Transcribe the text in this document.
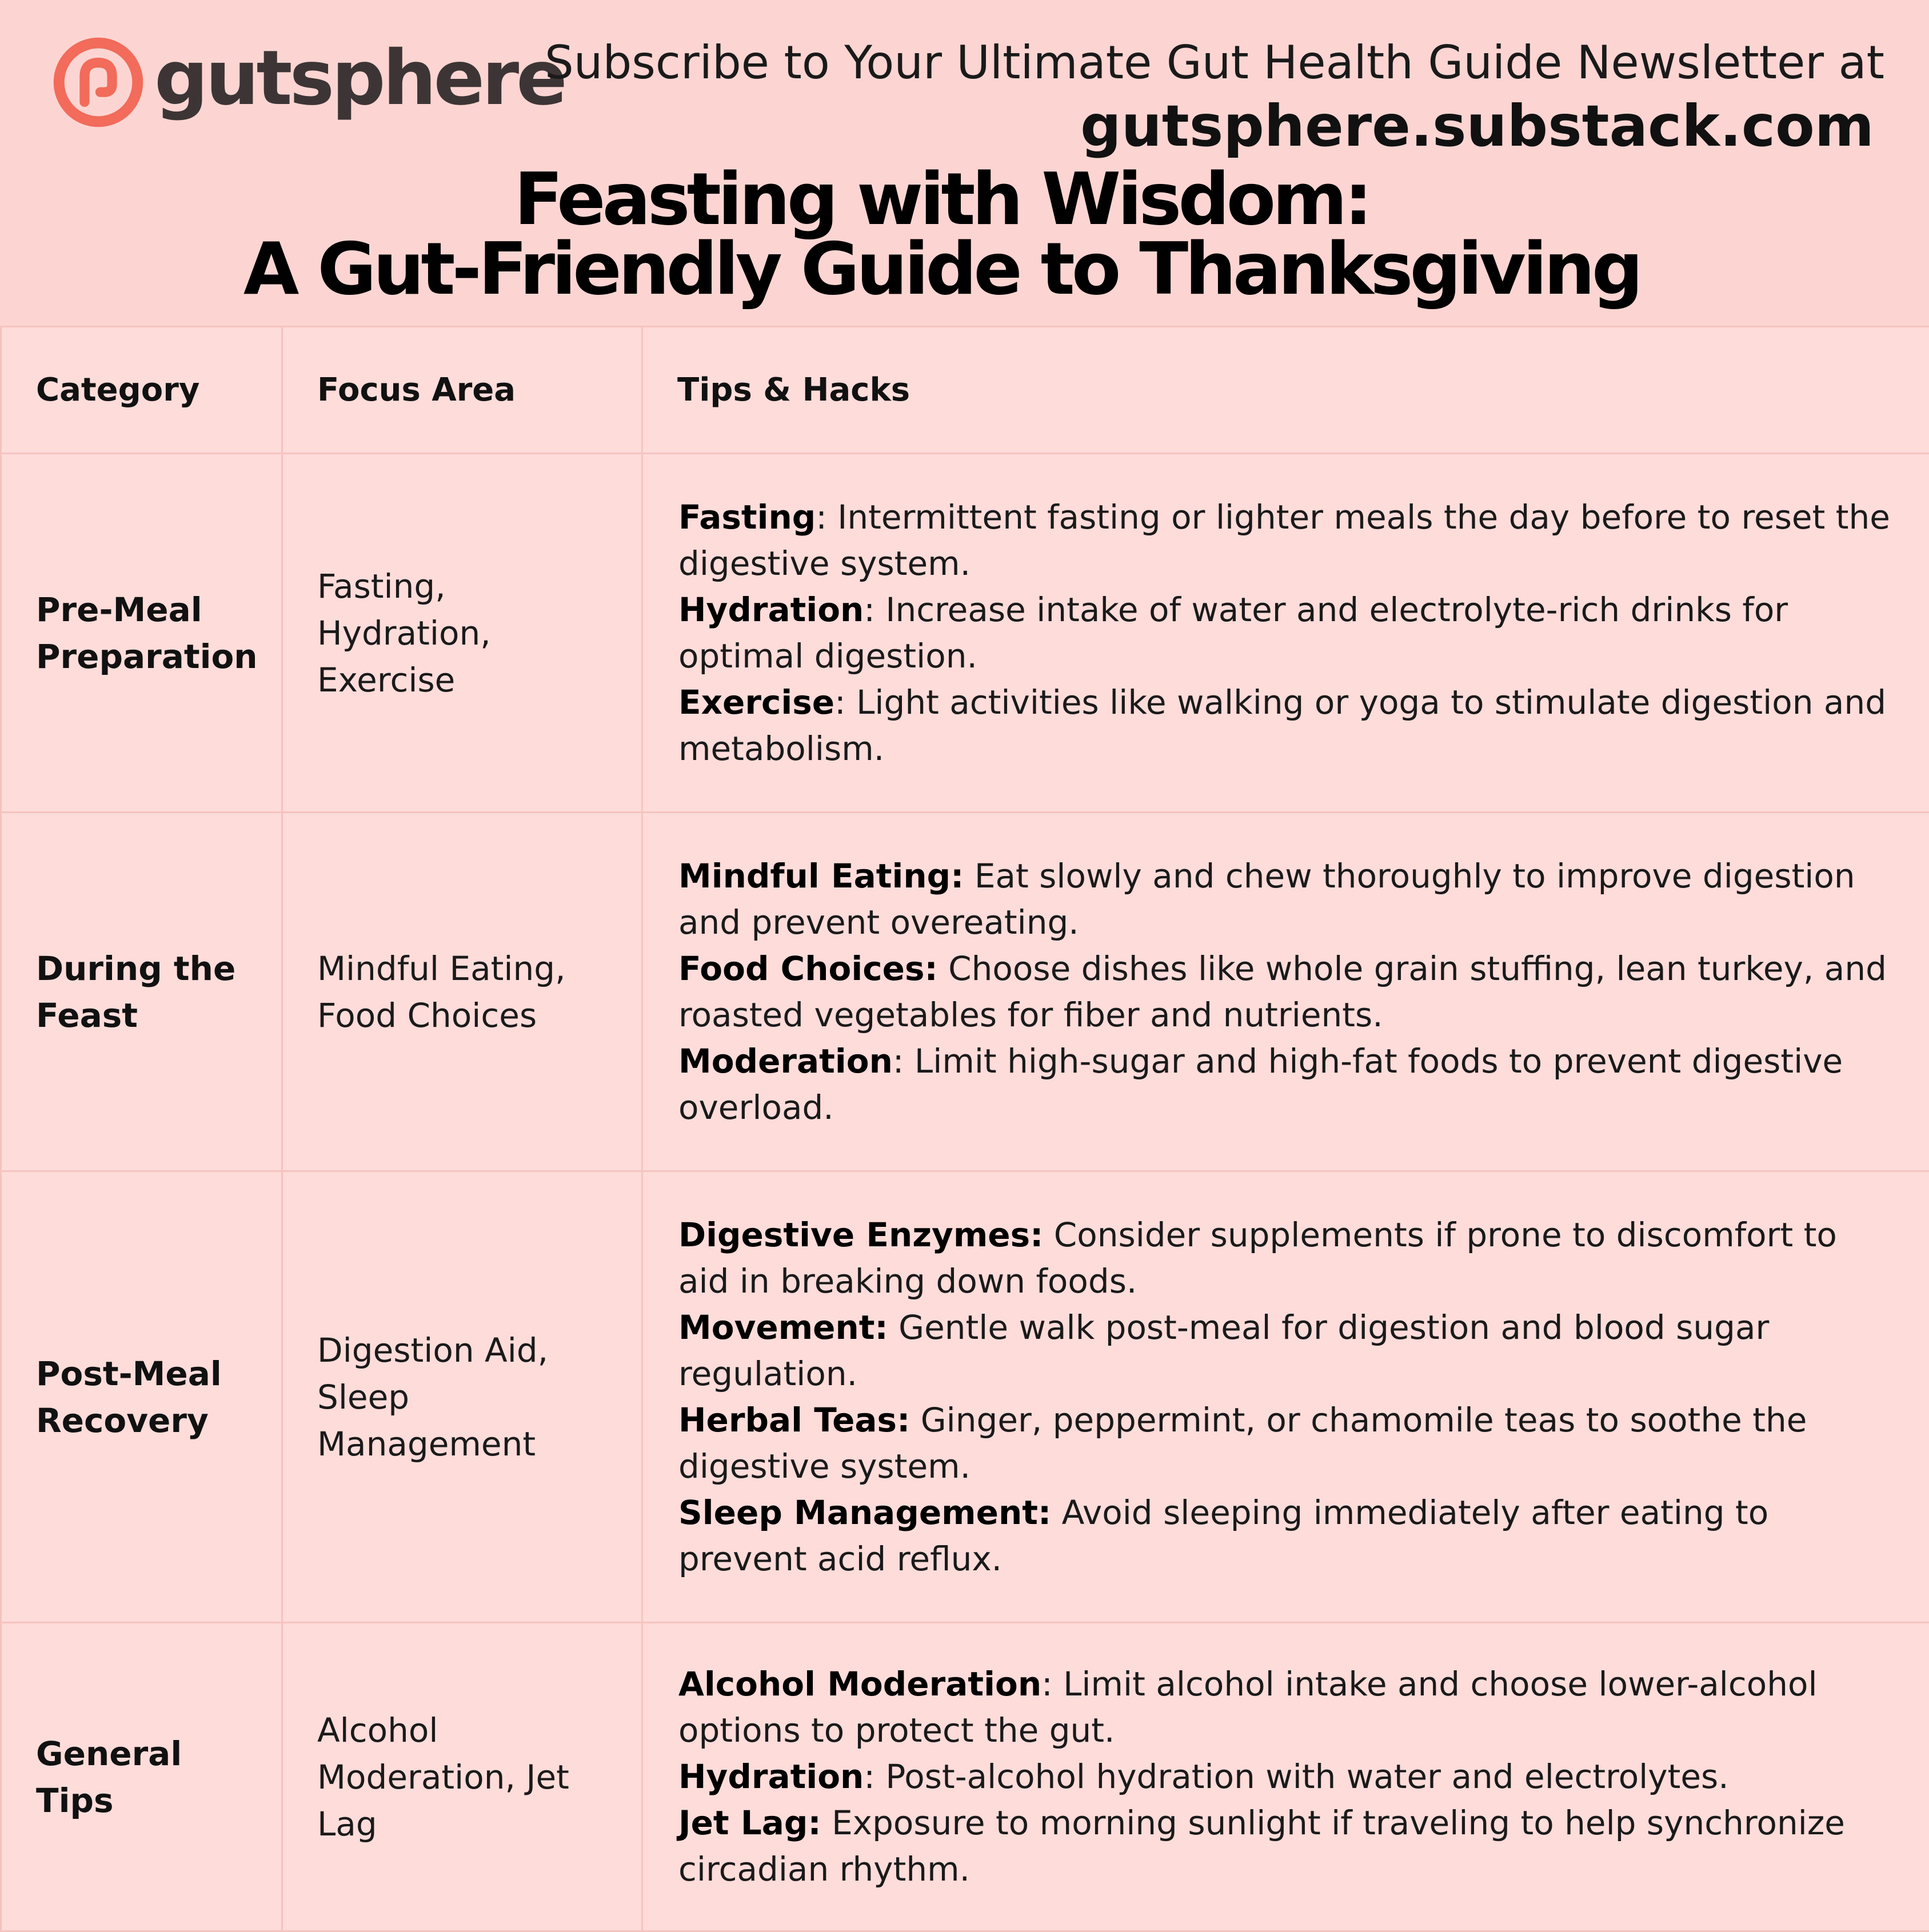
gutsphere
Subscribe to Your Ultimate Gut Health Guide Newsletter at
gutsphere.substack.com
Feasting with Wisdom:
A Gut-Friendly Guide to Thanksgiving
Category	Focus Area	Tips & Hacks
Pre-Meal Preparation	Fasting, Hydration, Exercise	Fasting: Intermittent fasting or lighter meals the day before to reset the digestive system.

Hydration: Increase intake of water and electrolyte-rich drinks for optimal digestion.

Exercise: Light activities like walking or yoga to stimulate digestion and metabolism.

During the Feast	Mindful Eating, Food Choices	Mindful Eating: Eat slowly and chew thoroughly to improve digestion and prevent overeating.

Food Choices: Choose dishes like whole grain stuffing, lean turkey, and roasted vegetables for fiber and nutrients.

Moderation: Limit high-sugar and high-fat foods to prevent digestive overload.

Post-Meal Recovery	Digestion Aid, Sleep Management	Digestive Enzymes: Consider supplements if prone to discomfort to aid in breaking down foods.

Movement: Gentle walk post-meal for digestion and blood sugar regulation.

Herbal Teas: Ginger, peppermint, or chamomile teas to soothe the digestive system.

Sleep Management: Avoid sleeping immediately after eating to prevent acid reflux.

General Tips	Alcohol Moderation, Jet Lag	Alcohol Moderation: Limit alcohol intake and choose lower-alcohol options to protect the gut.

Hydration: Post-alcohol hydration with water and electrolytes.

Jet Lag: Exposure to morning sunlight if traveling to help synchronize circadian rhythm.
